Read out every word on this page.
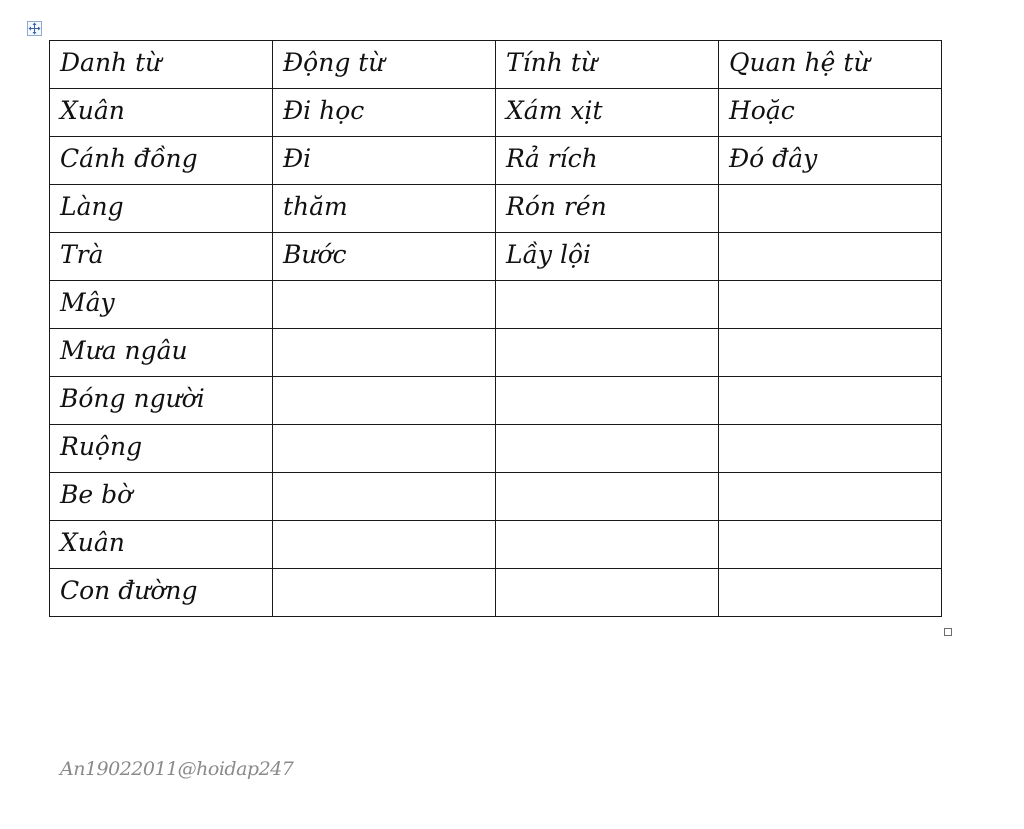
Danh từ	Động từ	Tính từ	Quan hệ từ
Xuân	Đi học	Xám xịt	Hoặc
Cánh đồng	Đi	Rả rích	Đó đây
Làng	thăm	Rón rén	
Trà	Bước	Lầy lội	
Mây			
Mưa ngâu			
Bóng người			
Ruộng			
Be bờ			
Xuân			
Con đường			
An19022011@hoidap247
